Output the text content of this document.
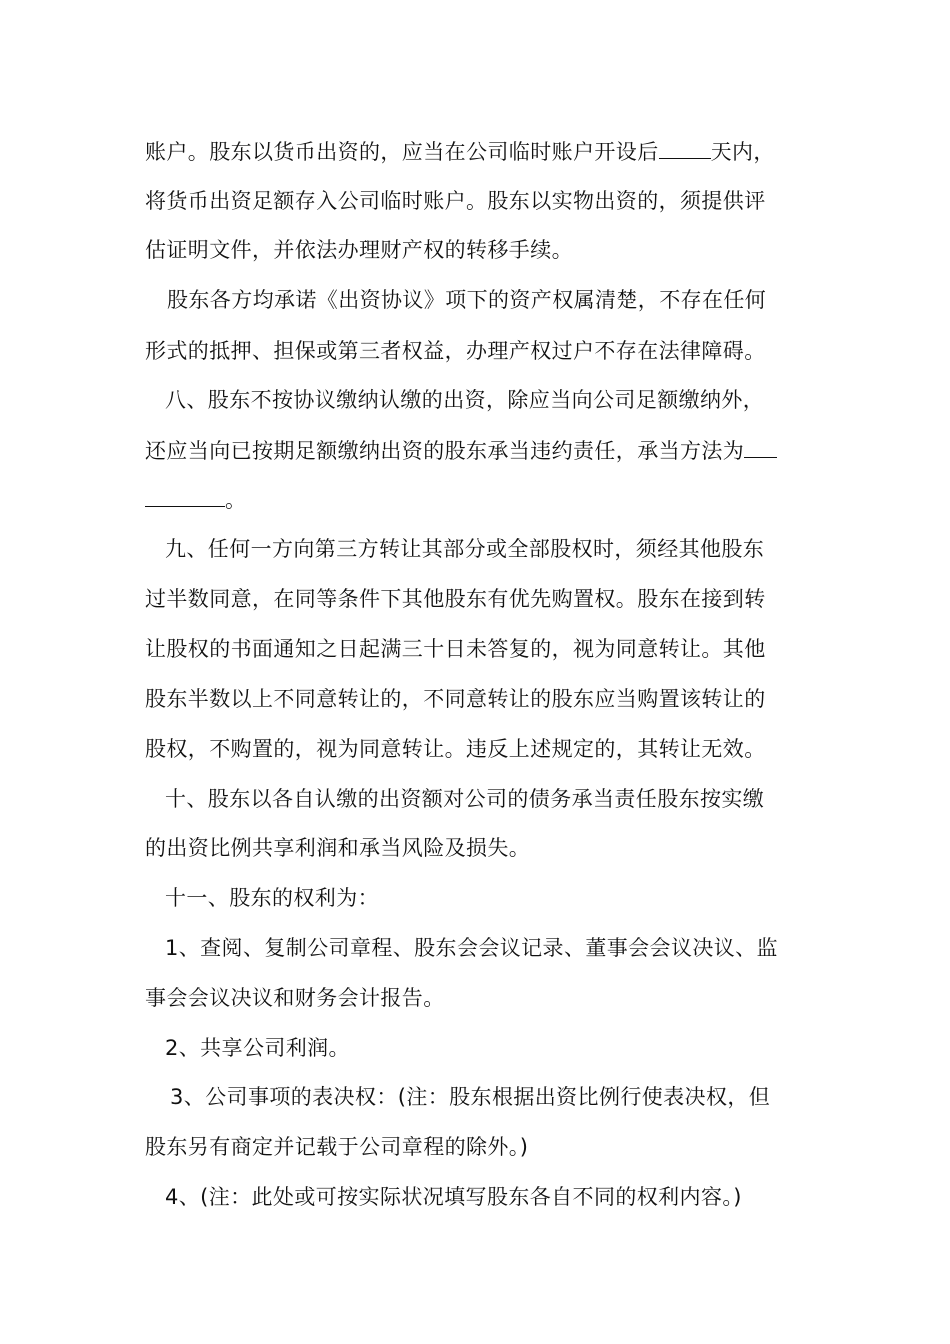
账户。股东以货币出资的，应当在公司临时账户开设后 天内，
将货币出资足额存入公司临时账户。股东以实物出资的，须提供评
估证明文件，并依法办理财产权的转移手续。
股东各方均承诺《出资协议》项下的资产权属清楚，不存在任何
形式的抵押、担保或第三者权益，办理产权过户不存在法律障碍。
八、股东不按协议缴纳认缴的出资，除应当向公司足额缴纳外，
还应当向已按期足额缴纳出资的股东承当违约责任，承当方法为
。
九、任何一方向第三方转让其部分或全部股权时，须经其他股东
过半数同意，在同等条件下其他股东有优先购置权。股东在接到转
让股权的书面通知之日起满三十日未答复的，视为同意转让。其他
股东半数以上不同意转让的，不同意转让的股东应当购置该转让的
股权，不购置的，视为同意转让。违反上述规定的，其转让无效。
十、股东以各自认缴的出资额对公司的债务承当责任股东按实缴
的出资比例共享利润和承当风险及损失。
十一、股东的权利为：
1、查阅、复制公司章程、股东会会议记录、董事会会议决议、监
事会会议决议和财务会计报告。
2、共享公司利润。
3、公司事项的表决权：(注：股东根据出资比例行使表决权，但
股东另有商定并记载于公司章程的除外。)
4、(注：此处或可按实际状况填写股东各自不同的权利内容。)
